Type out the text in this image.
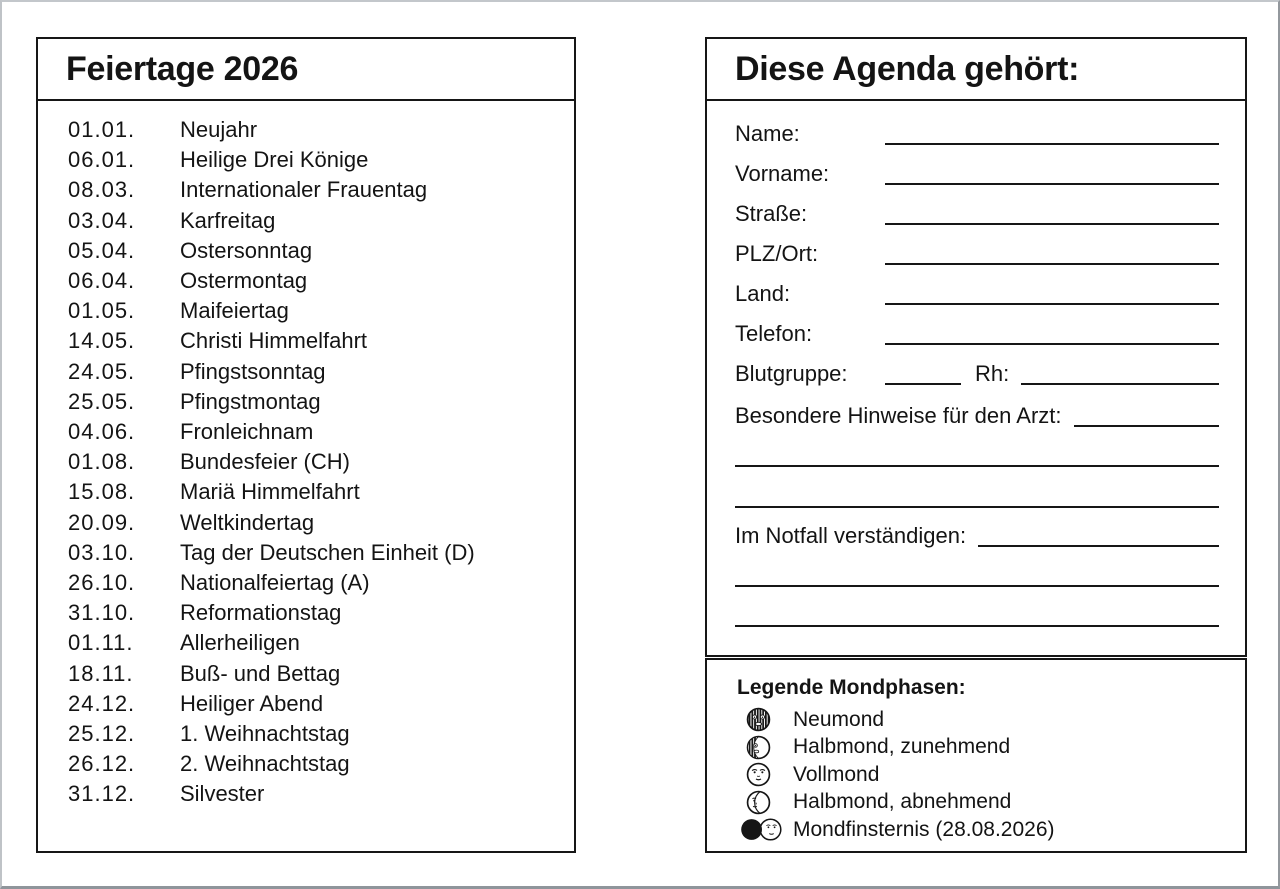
Feiertage 2026
01.01.	Neujahr
06.01.	Heilige Drei Könige
08.03.	Internationaler Frauentag
03.04.	Karfreitag
05.04.	Ostersonntag
06.04.	Ostermontag
01.05.	Maifeiertag
14.05.	Christi Himmelfahrt
24.05.	Pfingstsonntag
25.05.	Pfingstmontag
04.06.	Fronleichnam
01.08.	Bundesfeier (CH)
15.08.	Mariä Himmelfahrt
20.09.	Weltkindertag
03.10.	Tag der Deutschen Einheit (D)
26.10.	Nationalfeiertag (A)
31.10.	Reformationstag
01.11.	Allerheiligen
18.11.	Buß- und Bettag
24.12.	Heiliger Abend
25.12.	1. Weihnachtstag
26.12.	2. Weihnachtstag
31.12.	Silvester
Diese Agenda gehört:
Name:
Vorname:
Straße:
PLZ/Ort:
Land:
Telefon:
Blutgruppe:	Rh:
Besondere Hinweise für den Arzt:
Im Notfall verständigen:
Legende Mondphasen:
Neumond
Halbmond, zunehmend
Vollmond
Halbmond, abnehmend
Mondfinsternis (28.08.2026)
